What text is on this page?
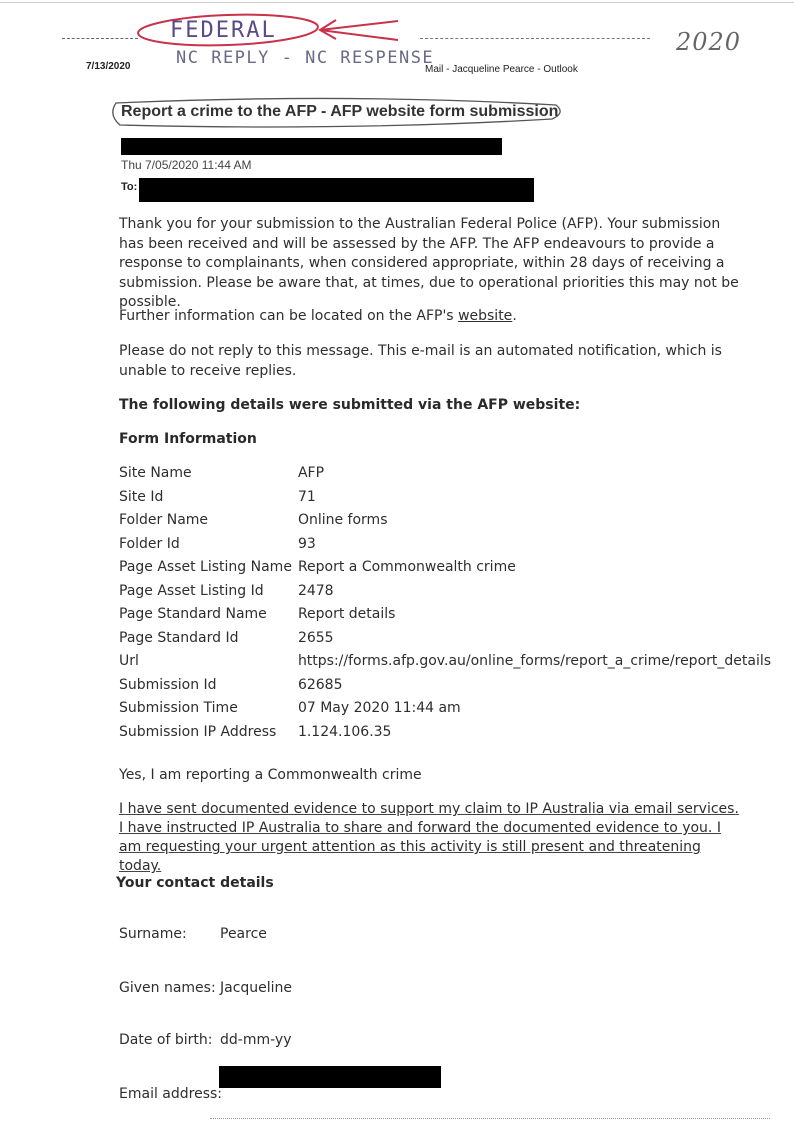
FEDERAL
NC REPLY - NC RESPENSE
2020
7/13/2020	Mail - Jacqueline Pearce - Outlook
Report a crime to the AFP - AFP website form submission
Thu 7/05/2020 11:44 AM
To:
Thank you for your submission to the Australian Federal Police (AFP). Your submission has been received and will be assessed by the AFP. The AFP endeavours to provide a response to complainants, when considered appropriate, within 28 days of receiving a submission. Please be aware that, at times, due to operational priorities this may not be possible.
Further information can be located on the AFP's website.
Please do not reply to this message. This e-mail is an automated notification, which is unable to receive replies.
The following details were submitted via the AFP website:
Form Information
Site Name	AFP
Site Id	71
Folder Name	Online forms
Folder Id	93
Page Asset Listing Name	Report a Commonwealth crime
Page Asset Listing Id	2478
Page Standard Name	Report details
Page Standard Id	2655
Url	https://forms.afp.gov.au/online_forms/report_a_crime/report_details
Submission Id	62685
Submission Time	07 May 2020 11:44 am
Submission IP Address	1.124.106.35
Yes, I am reporting a Commonwealth crime

I have sent documented evidence to support my claim to IP Australia via email services. I have instructed IP Australia to share and forward the documented evidence to you. I am requesting your urgent attention as this activity is still present and threatening today.

Your contact details
Surname: Pearce
Given names: Jacqueline
Date of birth: dd-mm-yy
Email address:
